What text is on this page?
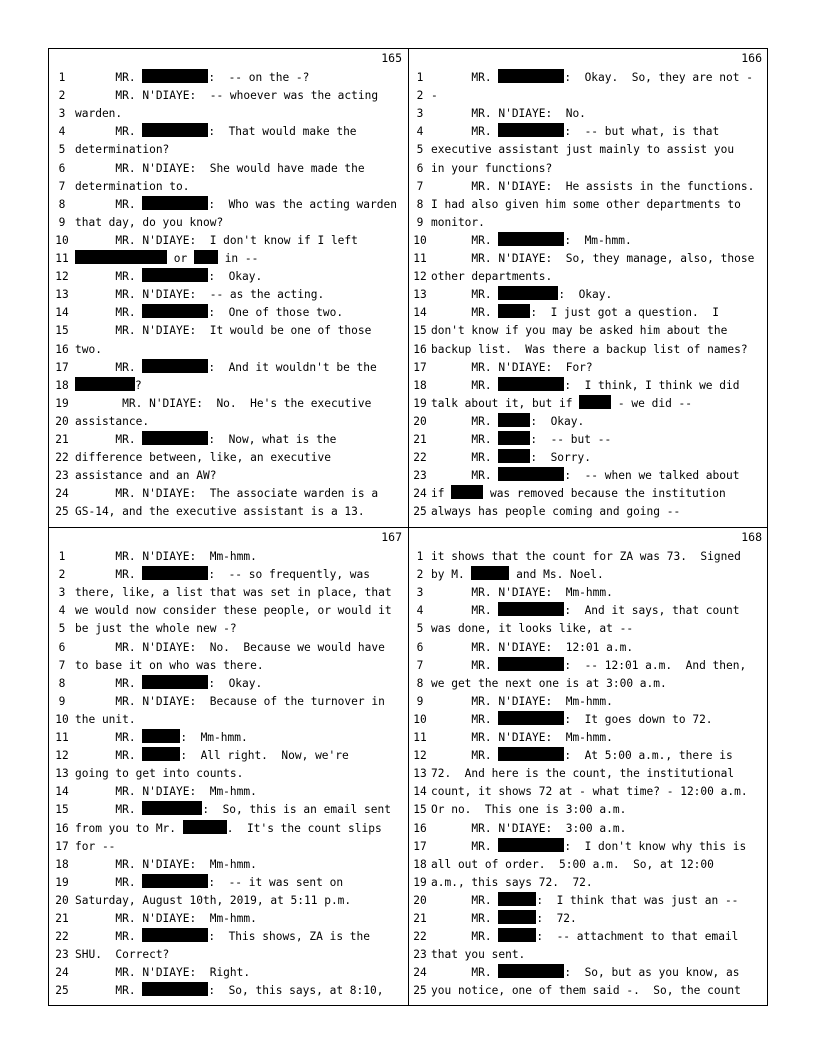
165
1 MR.	:  -- on the -?
2 MR. N'DIAYE:  -- whoever was the acting
3 warden.
4 MR.	:  That would make the
5 determination?
6 MR. N'DIAYE:  She would have made the
7 determination to.
8 MR.	:  Who was the acting warden
9 that day, do you know?
10 MR. N'DIAYE:  I don't know if I left
11	or  in --
12 MR.	:  Okay.
13 MR. N'DIAYE:  -- as the acting.
14 MR.	:  One of those two.
15 MR. N'DIAYE:  It would be one of those
16 two.
17 MR.	:  And it wouldn't be the
18	?
19 MR. N'DIAYE:  No.  He's the executive
20 assistance.
21 MR.	:  Now, what is the
22 difference between, like, an executive
23 assistance and an AW?
24 MR. N'DIAYE:  The associate warden is a
25 GS-14, and the executive assistant is a 13.
166
1 MR.	:  Okay.  So, they are not -
2 -
3 MR. N'DIAYE:  No.
4 MR.	:  -- but what, is that
5 executive assistant just mainly to assist you
6 in your functions?
7 MR. N'DIAYE:  He assists in the functions.
8 I had also given him some other departments to
9 monitor.
10 MR.	:  Mm-hmm.
11 MR. N'DIAYE:  So, they manage, also, those
12 other departments.
13 MR.	:  Okay.
14 MR.	:  I just got a question.  I
15 don't know if you may be asked him about the
16 backup list.  Was there a backup list of names?
17 MR. N'DIAYE:  For?
18 MR.	:  I think, I think we did
19 talk about it, but if	- we did --
20 MR.	:  Okay.
21 MR.	:  -- but --
22 MR.	:  Sorry.
23 MR.	:  -- when we talked about
24 if	was removed because the institution
25 always has people coming and going --
167
1 MR. N'DIAYE:  Mm-hmm.
2 MR.	:  -- so frequently, was
3 there, like, a list that was set in place, that
4 we would now consider these people, or would it
5 be just the whole new -?
6 MR. N'DIAYE:  No.  Because we would have
7 to base it on who was there.
8 MR.	:  Okay.
9 MR. N'DIAYE:  Because of the turnover in
10 the unit.
11 MR.	:  Mm-hmm.
12 MR.	:  All right.  Now, we're
13 going to get into counts.
14 MR. N'DIAYE:  Mm-hmm.
15 MR.	:  So, this is an email sent
16 from you to Mr.	.  It's the count slips
17 for --
18 MR. N'DIAYE:  Mm-hmm.
19 MR.	:  -- it was sent on
20 Saturday, August 10th, 2019, at 5:11 p.m.
21 MR. N'DIAYE:  Mm-hmm.
22 MR.	:  This shows, ZA is the
23 SHU.  Correct?
24 MR. N'DIAYE:  Right.
25 MR.	:  So, this says, at 8:10,
168
1 it shows that the count for ZA was 73.  Signed
2 by M.	and Ms. Noel.
3 MR. N'DIAYE:  Mm-hmm.
4 MR.	:  And it says, that count
5 was done, it looks like, at --
6 MR. N'DIAYE:  12:01 a.m.
7 MR.	:  -- 12:01 a.m.  And then,
8 we get the next one is at 3:00 a.m.
9 MR. N'DIAYE:  Mm-hmm.
10 MR.	:  It goes down to 72.
11 MR. N'DIAYE:  Mm-hmm.
12 MR.	:  At 5:00 a.m., there is
13 72.  And here is the count, the institutional
14 count, it shows 72 at - what time? - 12:00 a.m.
15 Or no.  This one is 3:00 a.m.
16 MR. N'DIAYE:  3:00 a.m.
17 MR.	:  I don't know why this is
18 all out of order.  5:00 a.m.  So, at 12:00
19 a.m., this says 72.  72.
20 MR.	:  I think that was just an --
21 MR.	:  72.
22 MR.	:  -- attachment to that email
23 that you sent.
24 MR.	:  So, but as you know, as
25 you notice, one of them said -.  So, the count
